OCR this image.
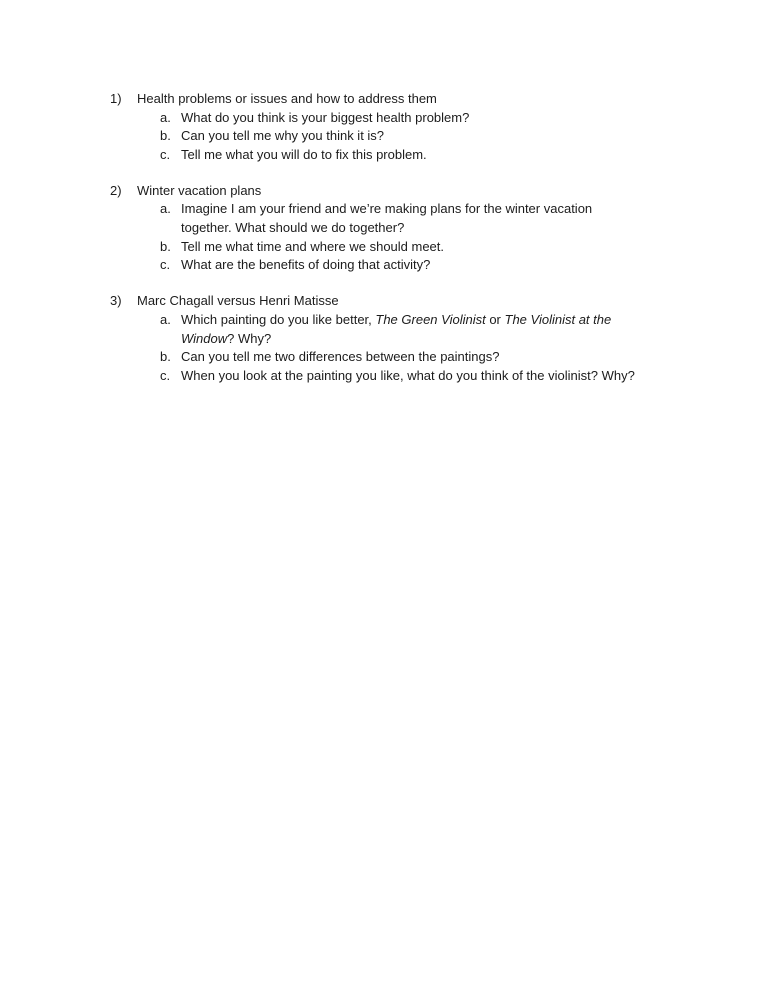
1)	Health problems or issues and how to address them
a. What do you think is your biggest health problem?
b. Can you tell me why you think it is?
c. Tell me what you will do to fix this problem.
2)	Winter vacation plans
a. Imagine I am your friend and we’re making plans for the winter vacation
together. What should we do together?
b. Tell me what time and where we should meet.
c. What are the benefits of doing that activity?
3)	Marc Chagall versus Henri Matisse
a. Which painting do you like better, The Green Violinist or The Violinist at the
Window? Why?
b. Can you tell me two differences between the paintings?
c. When you look at the painting you like, what do you think of the violinist? Why?
